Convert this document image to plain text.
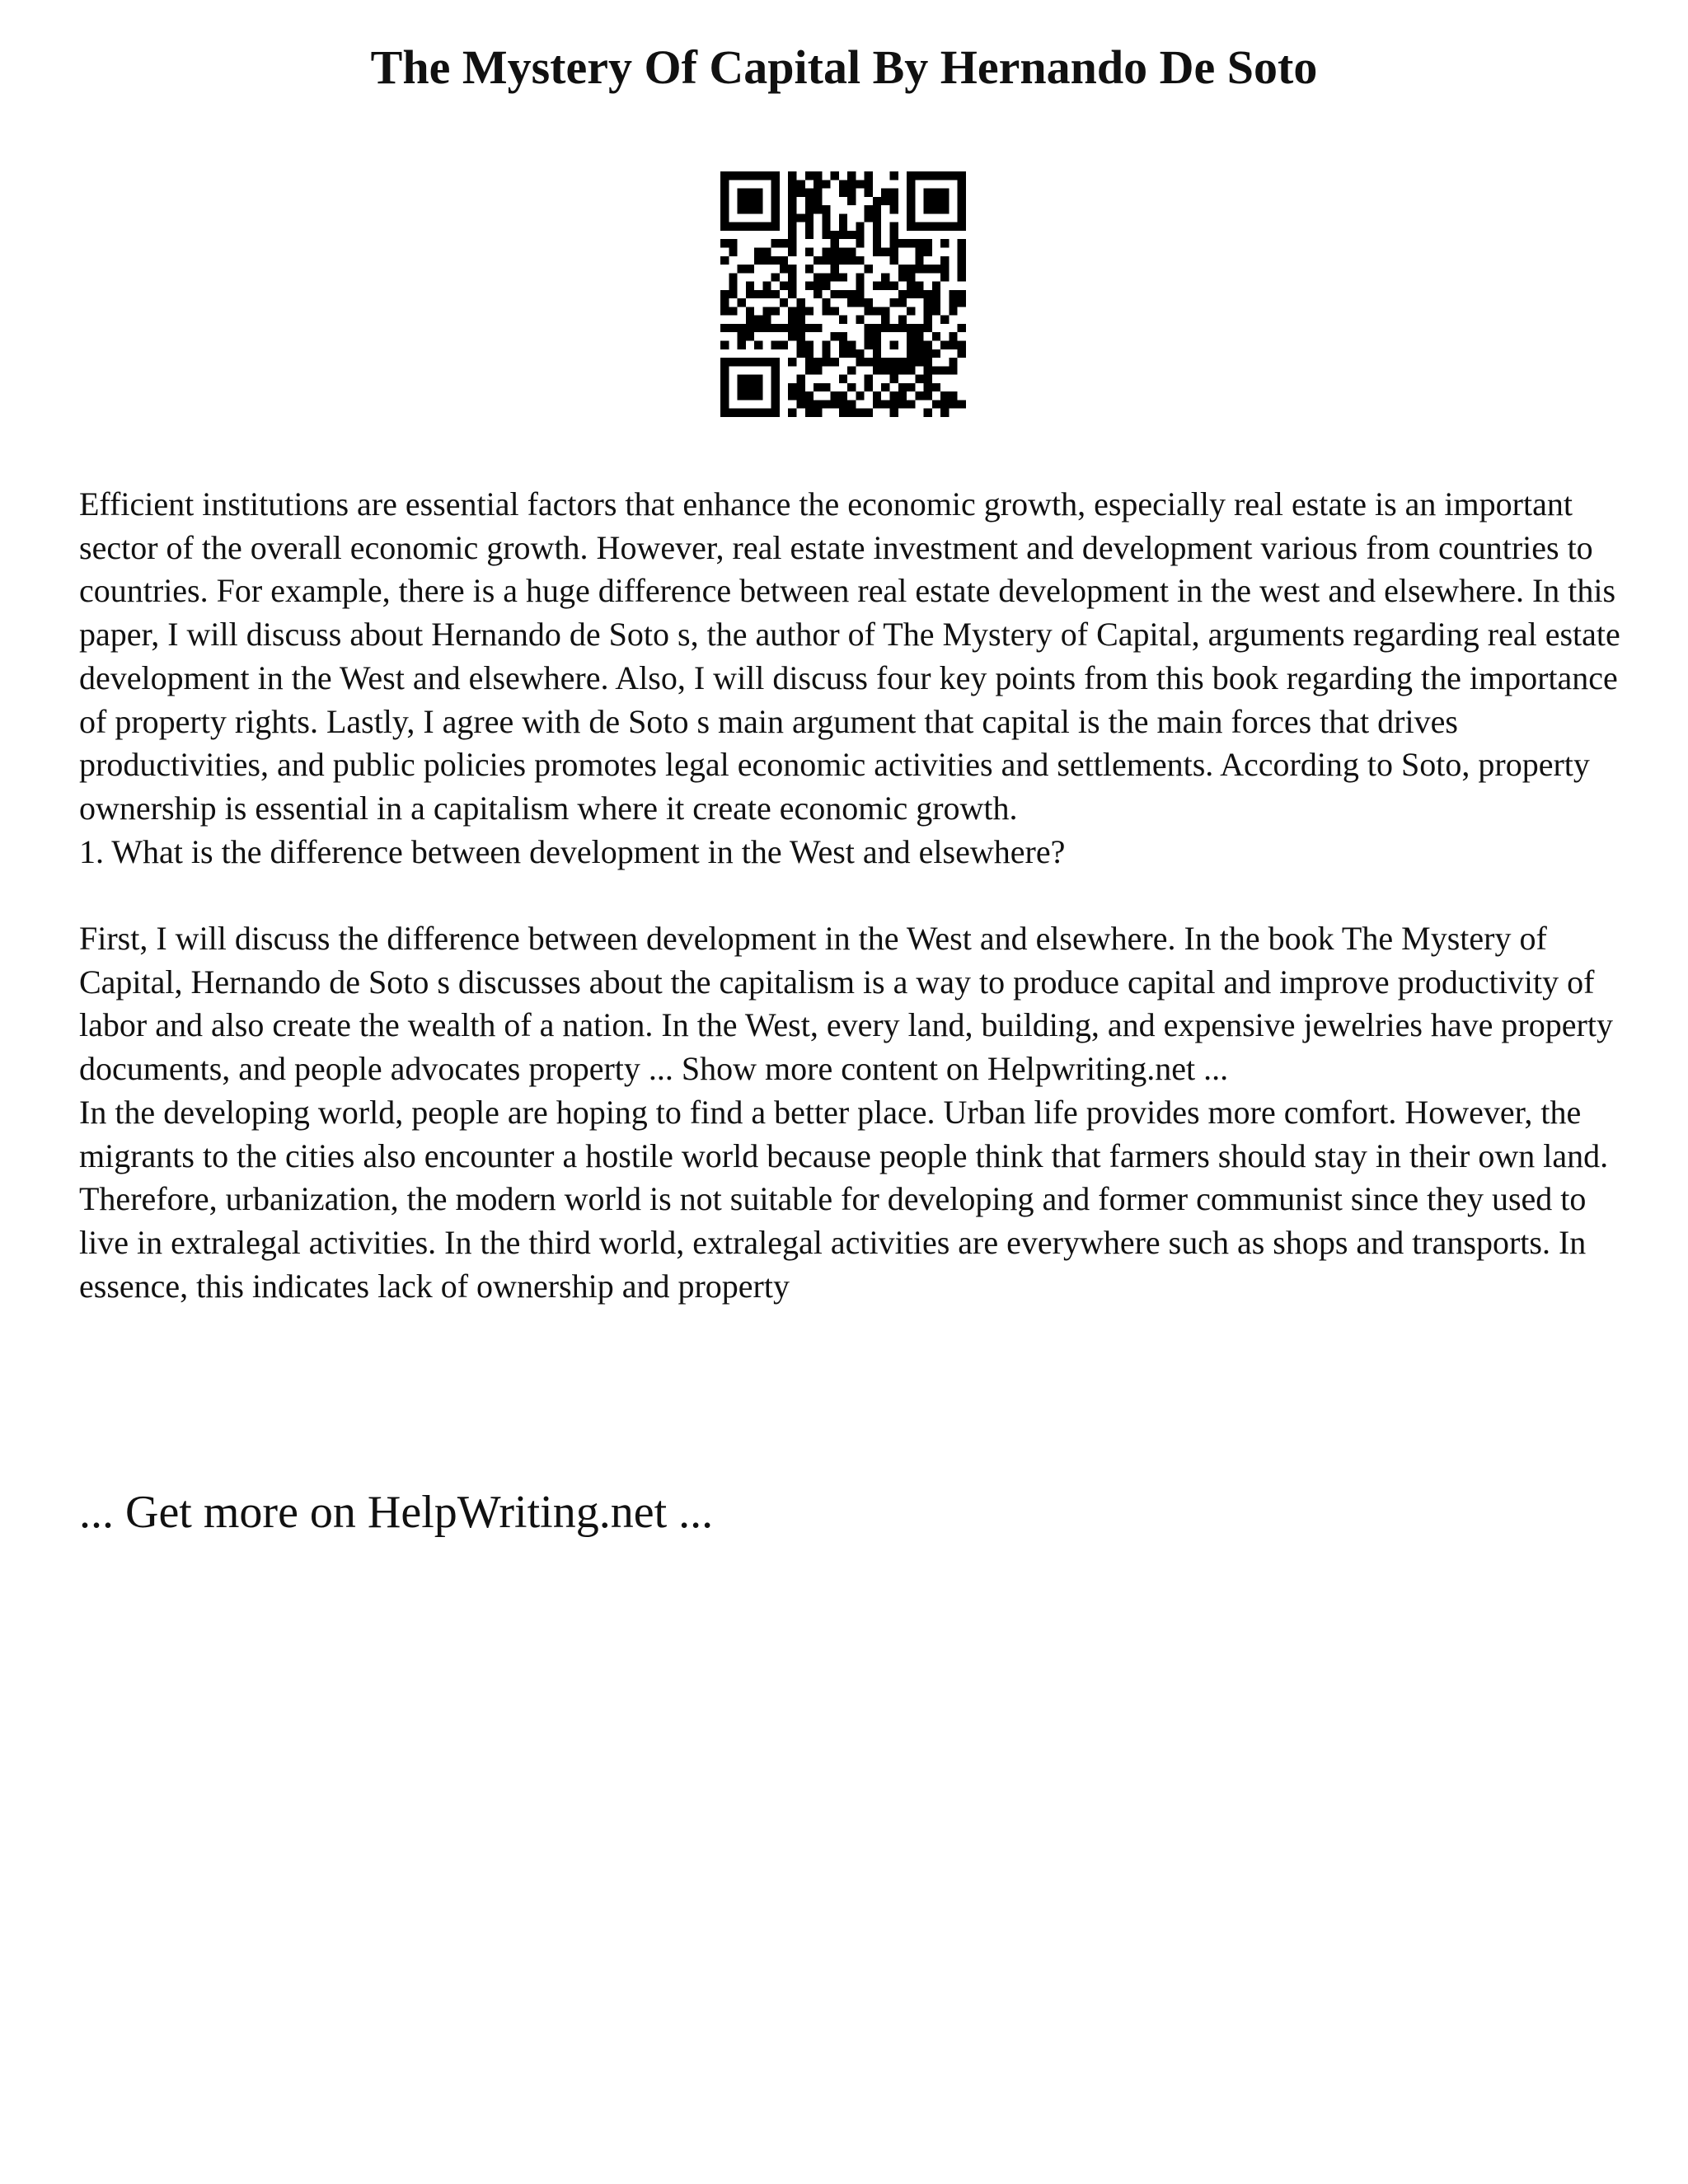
The Mystery Of Capital By Hernando De Soto

Efficient institutions are essential factors that enhance the economic growth, especially real estate is an important sector of the overall economic growth. However, real estate investment and development various from countries to countries. For example, there is a huge difference between real estate development in the west and elsewhere. In this paper, I will discuss about Hernando de Soto s, the author of The Mystery of Capital, arguments regarding real estate development in the West and elsewhere. Also, I will discuss four key points from this book regarding the importance of property rights. Lastly, I agree with de Soto s main argument that capital is the main forces that drives productivities, and public policies promotes legal economic activities and settlements. According to Soto, property ownership is essential in a capitalism where it create economic growth.

1. What is the difference between development in the West and elsewhere?

First, I will discuss the difference between development in the West and elsewhere. In the book The Mystery of Capital, Hernando de Soto s discusses about the capitalism is a way to produce capital and improve productivity of labor and also create the wealth of a nation. In the West, every land, building, and expensive jewelries have property documents, and people advocates property ... Show more content on Helpwriting.net ...

In the developing world, people are hoping to find a better place. Urban life provides more comfort. However, the migrants to the cities also encounter a hostile world because people think that farmers should stay in their own land. Therefore, urbanization, the modern world is not suitable for developing and former communist since they used to live in extralegal activities. In the third world, extralegal activities are everywhere such as shops and transports. In essence, this indicates lack of ownership and property

... Get more on HelpWriting.net ...
